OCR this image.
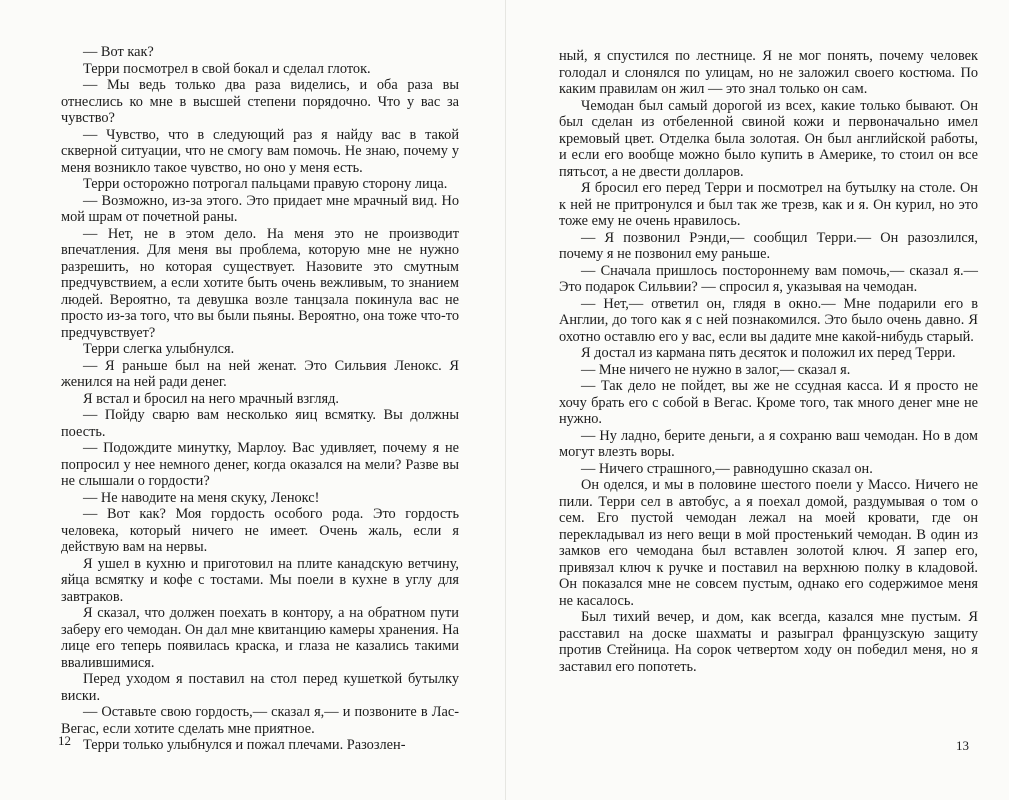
— Вот как?

Терри посмотрел в свой бокал и сделал глоток.

— Мы ведь только два раза виделись, и оба раза вы отнеслись ко мне в высшей степени порядочно. Что у вас за чувство?

— Чувство, что в следующий раз я найду вас в такой скверной ситуации, что не смогу вам помочь. Не знаю, почему у меня возникло такое чувство, но оно у меня есть.

Терри осторожно потрогал пальцами правую сторону лица.

— Возможно, из-за этого. Это придает мне мрачный вид. Но мой шрам от почетной раны.

— Нет, не в этом дело. На меня это не производит впечатления. Для меня вы проблема, которую мне не нужно разрешить, но которая существует. Назовите это смутным предчувствием, а если хотите быть очень вежливым, то знанием людей. Вероятно, та девушка возле танцзала покинула вас не просто из-за того, что вы были пьяны. Вероятно, она тоже что-то предчувствует?

Терри слегка улыбнулся.

— Я раньше был на ней женат. Это Сильвия Ленокс. Я женился на ней ради денег.

Я встал и бросил на него мрачный взгляд.

— Пойду сварю вам несколько яиц всмятку. Вы должны поесть.

— Подождите минутку, Марлоу. Вас удивляет, почему я не попросил у нее немного денег, когда оказался на мели? Разве вы не слышали о гордости?

— Не наводите на меня скуку, Ленокс!

— Вот как? Моя гордость особого рода. Это гордость человека, который ничего не имеет. Очень жаль, если я действую вам на нервы.

Я ушел в кухню и приготовил на плите канадскую ветчину, яйца всмятку и кофе с тостами. Мы поели в кухне в углу для завтраков.

Я сказал, что должен поехать в контору, а на обратном пути заберу его чемодан. Он дал мне квитанцию камеры хранения. На лице его теперь появилась краска, и глаза не казались такими ввалившимися.

Перед уходом я поставил на стол перед кушеткой бутылку виски.

— Оставьте свою гордость,— сказал я,— и позвоните в Лас-Вегас, если хотите сделать мне приятное.

Терри только улыбнулся и пожал плечами. Разозлен-

12

ный, я спустился по лестнице. Я не мог понять, почему человек голодал и слонялся по улицам, но не заложил своего костюма. По каким правилам он жил — это знал только он сам.

Чемодан был самый дорогой из всех, какие только бывают. Он был сделан из отбеленной свиной кожи и первоначально имел кремовый цвет. Отделка была золотая. Он был английской работы, и если его вообще можно было купить в Америке, то стоил он все пятьсот, а не двести долларов.

Я бросил его перед Терри и посмотрел на бутылку на столе. Он к ней не притронулся и был так же трезв, как и я. Он курил, но это тоже ему не очень нравилось.

— Я позвонил Рэнди,— сообщил Терри.— Он разозлился, почему я не позвонил ему раньше.

— Сначала пришлось постороннему вам помочь,— сказал я.— Это подарок Сильвии? — спросил я, указывая на чемодан.

— Нет,— ответил он, глядя в окно.— Мне подарили его в Англии, до того как я с ней познакомился. Это было очень давно. Я охотно оставлю его у вас, если вы дадите мне какой-нибудь старый.

Я достал из кармана пять десяток и положил их перед Терри.

— Мне ничего не нужно в залог,— сказал я.

— Так дело не пойдет, вы же не ссудная касса. И я просто не хочу брать его с собой в Вегас. Кроме того, так много денег мне не нужно.

— Ну ладно, берите деньги, а я сохраню ваш чемодан. Но в дом могут влезть воры.

— Ничего страшного,— равнодушно сказал он.

Он оделся, и мы в половине шестого поели у Массо. Ничего не пили. Терри сел в автобус, а я поехал домой, раздумывая о том о сем. Его пустой чемодан лежал на моей кровати, где он перекладывал из него вещи в мой простенький чемодан. В один из замков его чемодана был вставлен золотой ключ. Я запер его, привязал ключ к ручке и поставил на верхнюю полку в кладовой. Он показался мне не совсем пустым, однако его содержимое меня не касалось.

Был тихий вечер, и дом, как всегда, казался мне пустым. Я расставил на доске шахматы и разыграл французскую защиту против Стейница. На сорок четвертом ходу он победил меня, но я заставил его попотеть.

13
